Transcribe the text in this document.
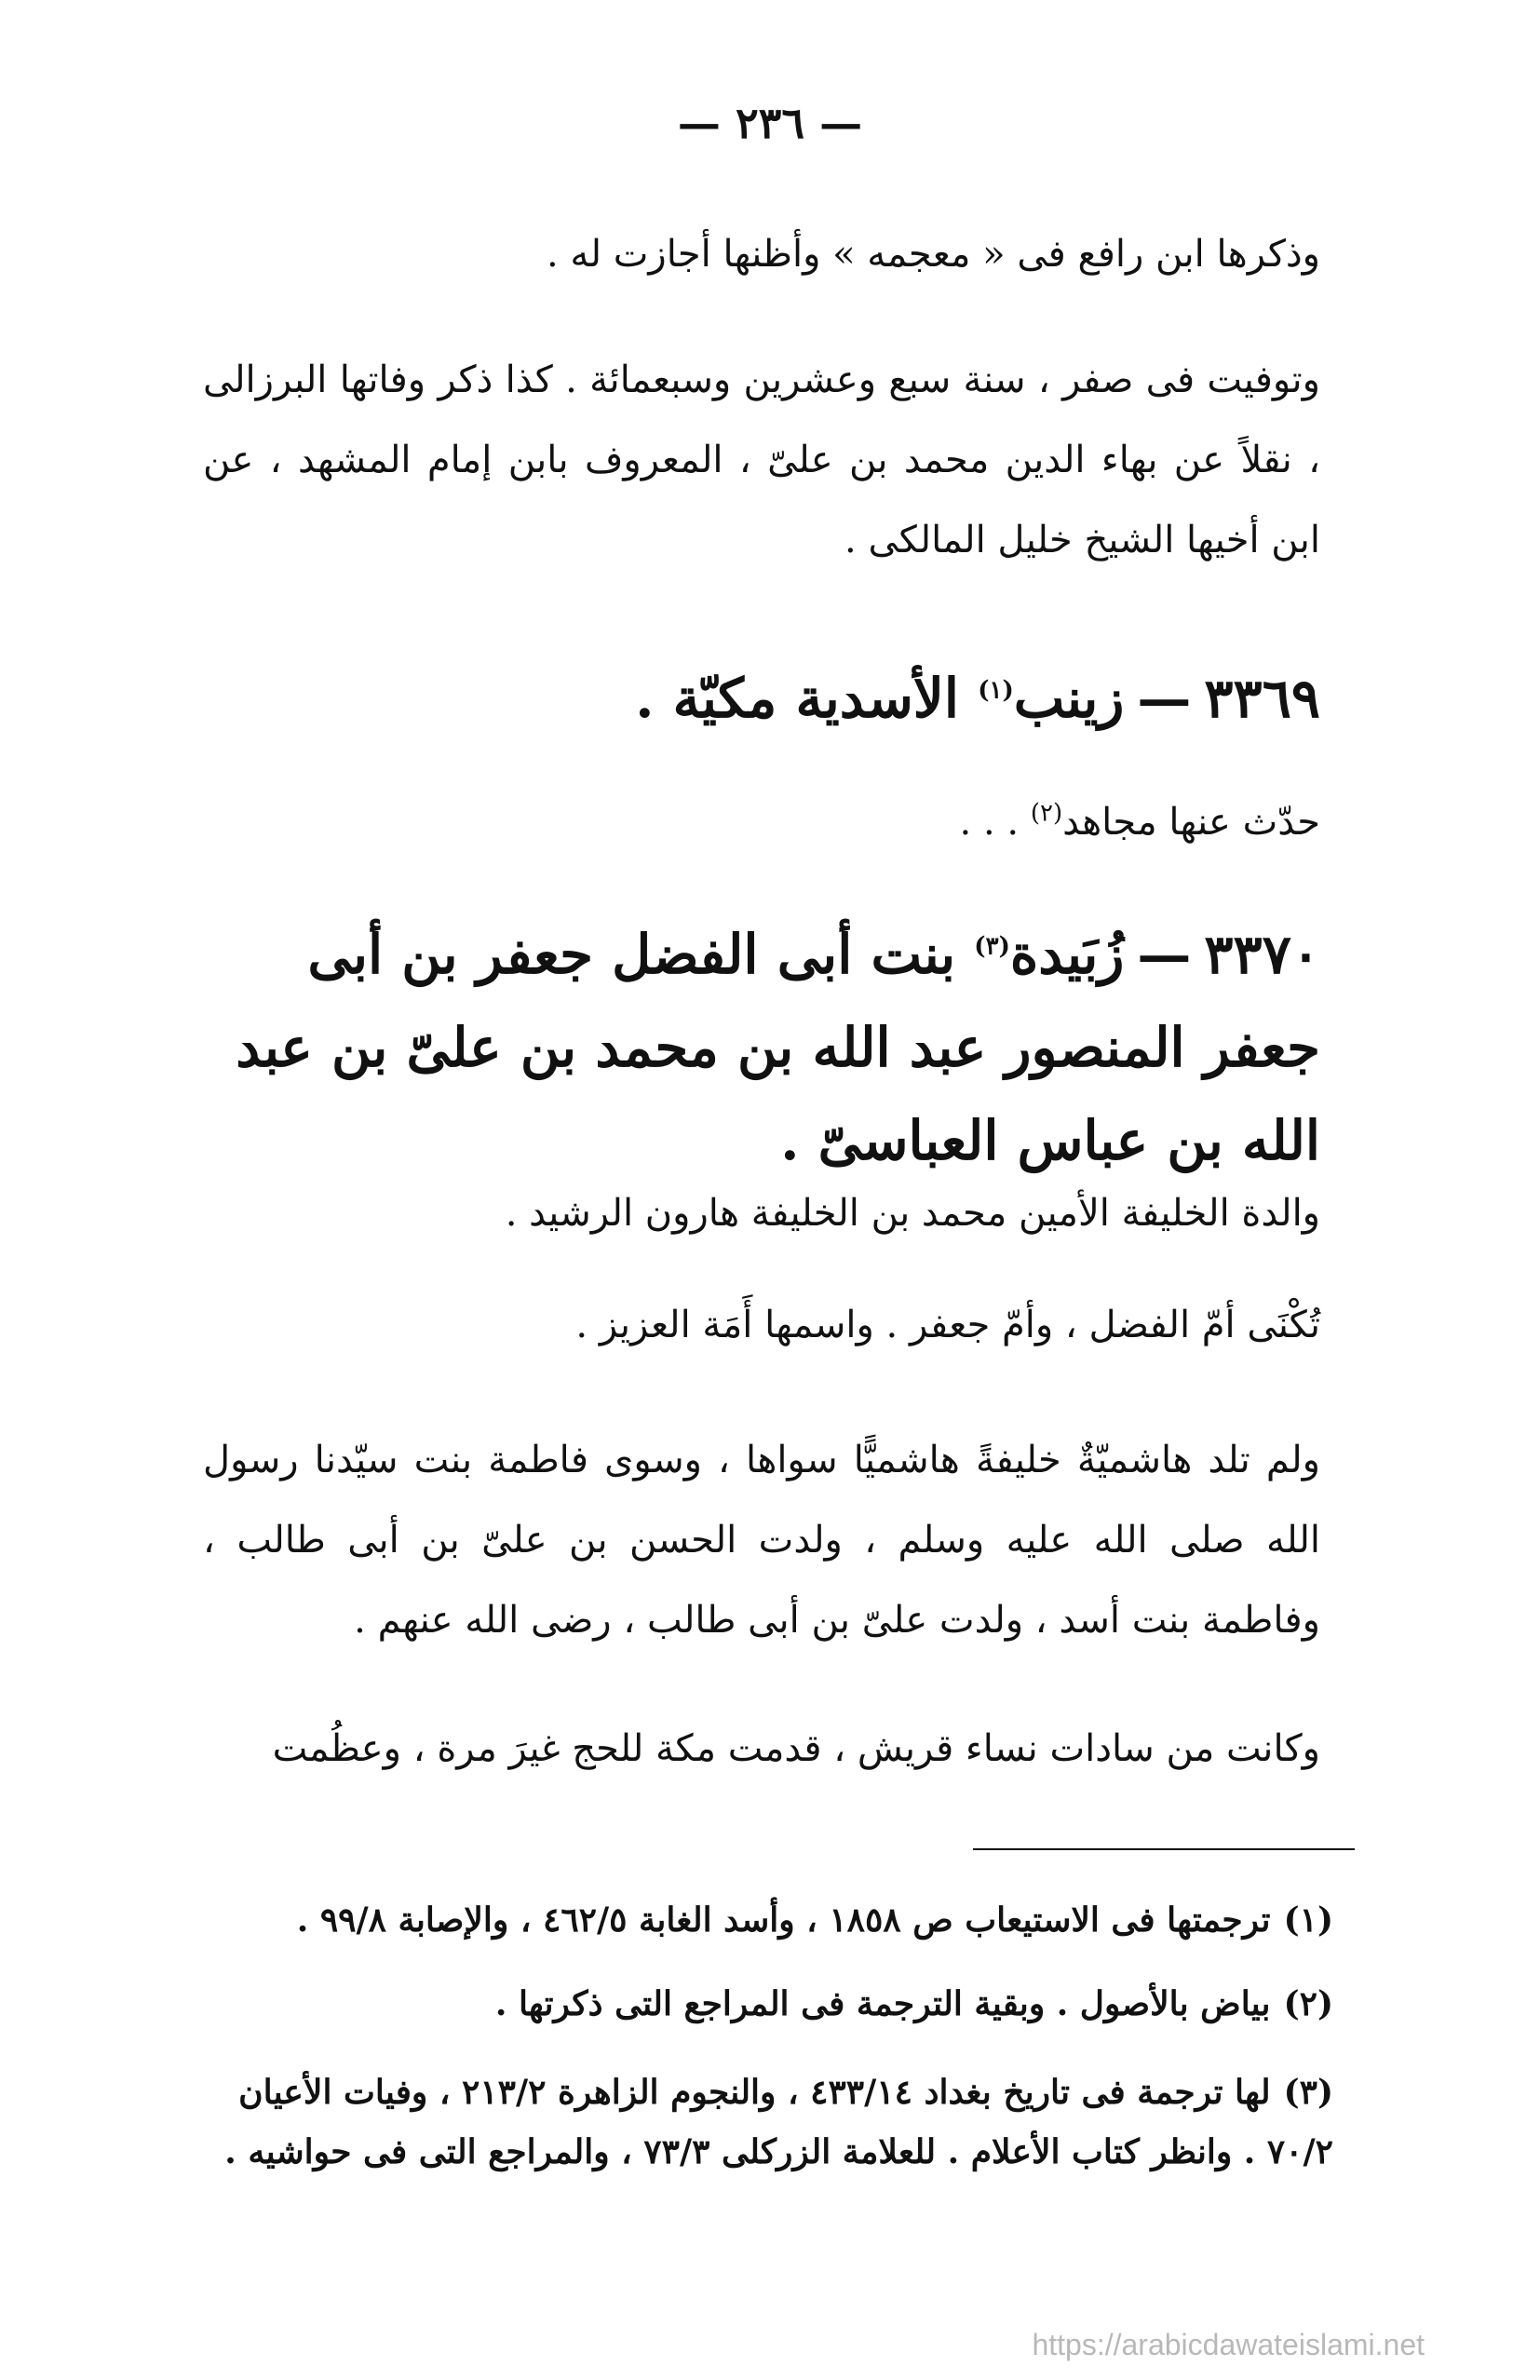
— ٢٣٦ —
وذكرها ابن رافع فى « معجمه » وأظنها أجازت له .
وتوفيت فى صفر ، سنة سبع وعشرين وسبعمائة . كذا ذكر وفاتها البرزالى ، نقلاً عن بهاء الدين محمد بن علىّ ، المعروف بابن إمام المشهد ، عن ابن أخيها الشيخ خليل المالكى .
٣٣٦٩—زينب$^{(١)}$ الأسدية مكيّة .
حدّث عنها مجاهد$^{(٢)}$ . . .
٣٣٧٠—زُبَيدة$^{(٣)}$ بنت أبى الفضل جعفر بن أبى جعفر المنصور عبد الله بن محمد بن علىّ بن عبد الله بن عباس العباسىّ .
والدة الخليفة الأمين محمد بن الخليفة هارون الرشيد .
تُكْنَى أمّ الفضل ، وأمّ جعفر . واسمها أَمَة العزيز .
ولم تلد هاشميّةٌ خليفةً هاشميًّا سواها ، وسوى فاطمة بنت سيّدنا رسول الله صلى الله عليه وسلم ، ولدت الحسن بن علىّ بن أبى طالب ، وفاطمة بنت أسد ، ولدت علىّ بن أبى طالب ، رضى الله عنهم .
وكانت من سادات نساء قريش ، قدمت مكة للحج غيرَ مرة ، وعظُمت
(١)ترجمتها فى الاستيعاب ص ١٨٥٨ ، وأسد الغابة ٤٦٢/٥ ، والإصابة ٩٩/٨ .
(٢)بياض بالأصول . وبقية الترجمة فى المراجع التى ذكرتها .
(٣)لها ترجمة فى تاريخ بغداد ٤٣٣/١٤ ، والنجوم الزاهرة ٢١٣/٢ ، وفيات الأعيان ٧٠/٢ . وانظر كتاب الأعلام . للعلامة الزركلى ٧٣/٣ ، والمراجع التى فى حواشيه .
https://arabicdawateislami.net
